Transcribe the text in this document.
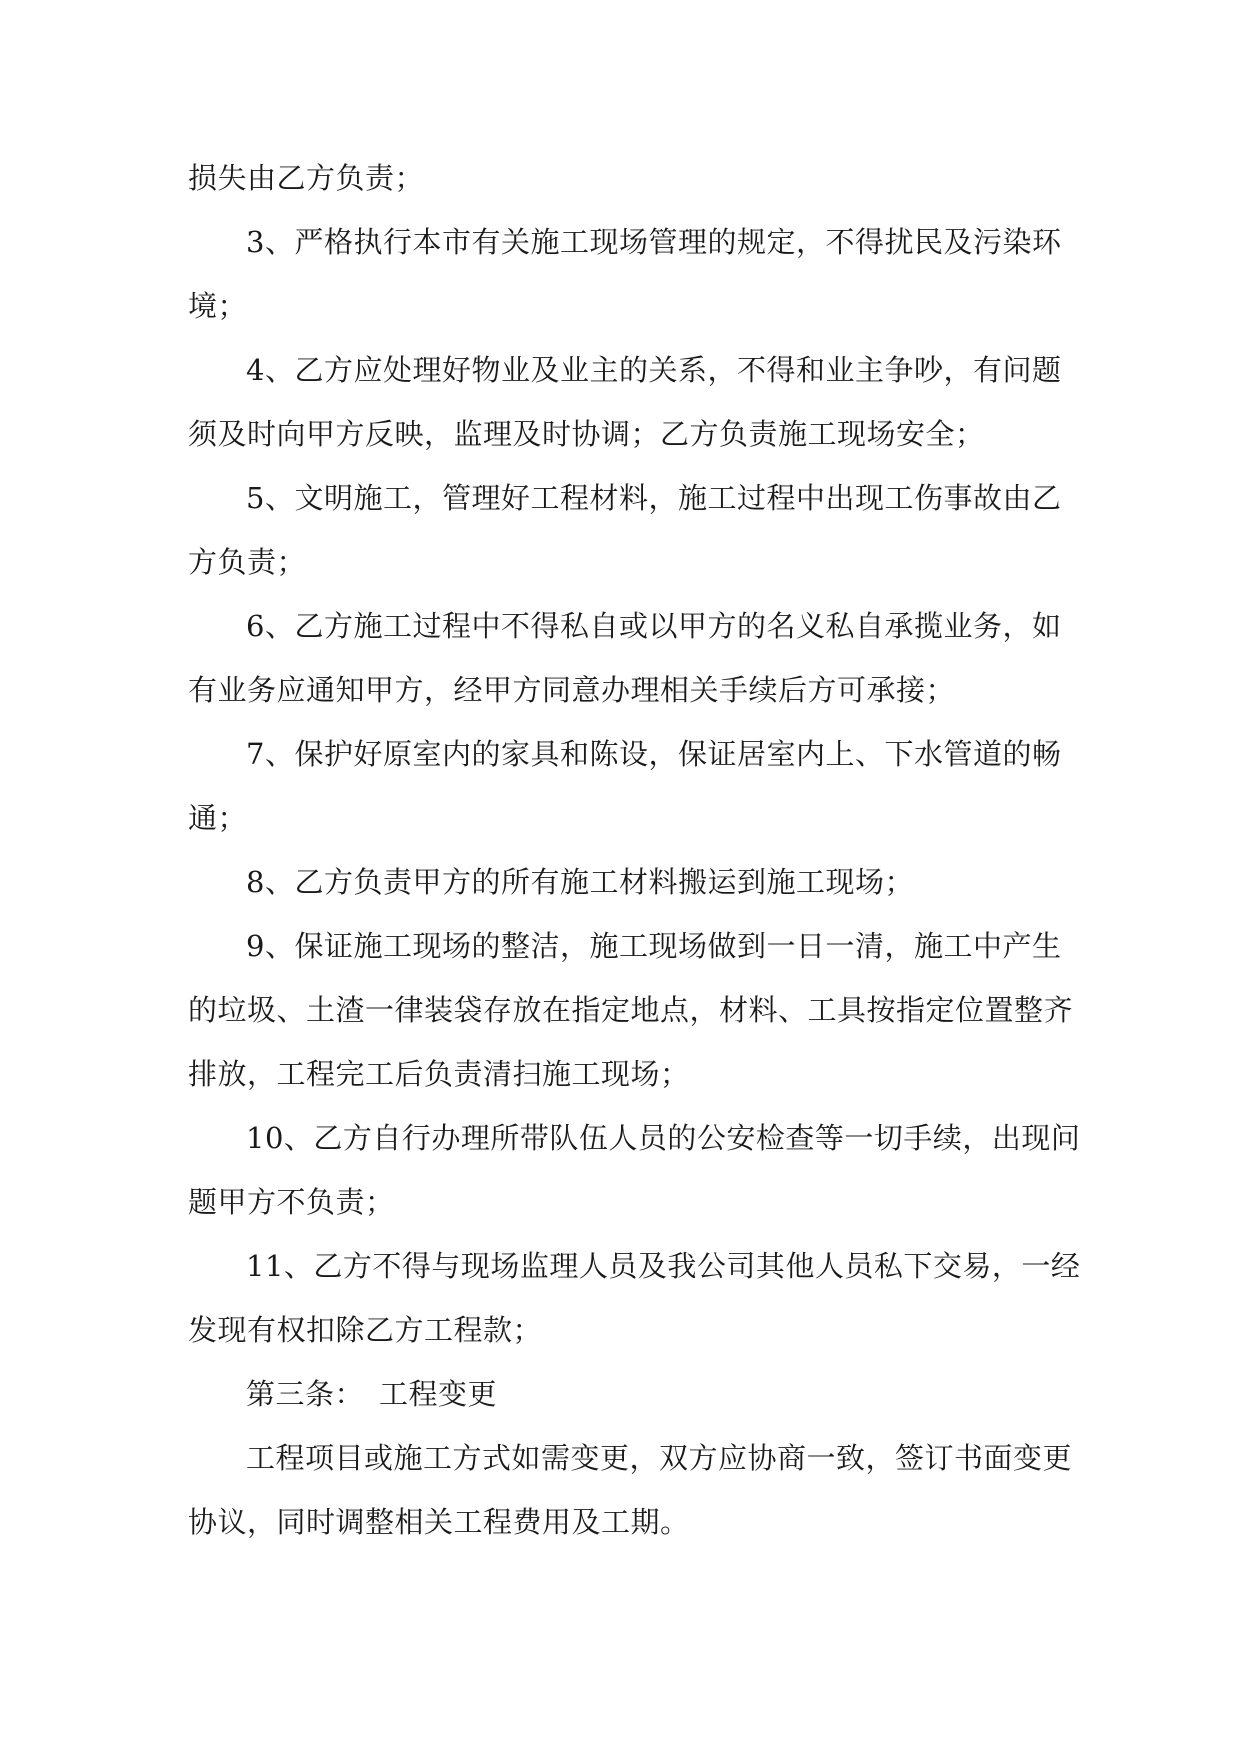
损失由乙方负责；
3、严格执行本市有关施工现场管理的规定，不得扰民及污染环
境；
4、乙方应处理好物业及业主的关系，不得和业主争吵，有问题
须及时向甲方反映，监理及时协调；乙方负责施工现场安全；
5、文明施工，管理好工程材料，施工过程中出现工伤事故由乙
方负责；
6、乙方施工过程中不得私自或以甲方的名义私自承揽业务，如
有业务应通知甲方，经甲方同意办理相关手续后方可承接；
7、保护好原室内的家具和陈设，保证居室内上、下水管道的畅
通；
8、乙方负责甲方的所有施工材料搬运到施工现场；
9、保证施工现场的整洁，施工现场做到一日一清，施工中产生
的垃圾、土渣一律装袋存放在指定地点，材料、工具按指定位置整齐
排放，工程完工后负责清扫施工现场；
10、乙方自行办理所带队伍人员的公安检查等一切手续，出现问
题甲方不负责；
11、乙方不得与现场监理人员及我公司其他人员私下交易，一经
发现有权扣除乙方工程款；
第三条：　工程变更
工程项目或施工方式如需变更，双方应协商一致，签订书面变更
协议，同时调整相关工程费用及工期。
